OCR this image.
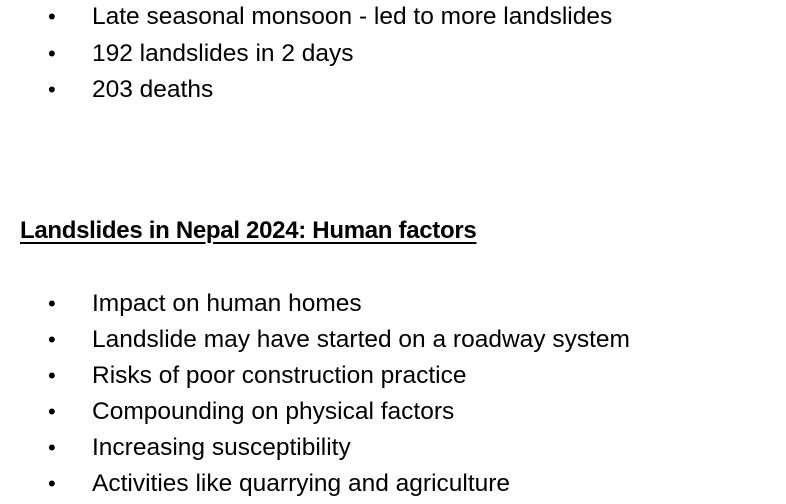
• Late seasonal monsoon - led to more landslides
• 192 landslides in 2 days
• 203 deaths
Landslides in Nepal 2024: Human factors
• Impact on human homes
• Landslide may have started on a roadway system
• Risks of poor construction practice
• Compounding on physical factors
• Increasing susceptibility
• Activities like quarrying and agriculture
